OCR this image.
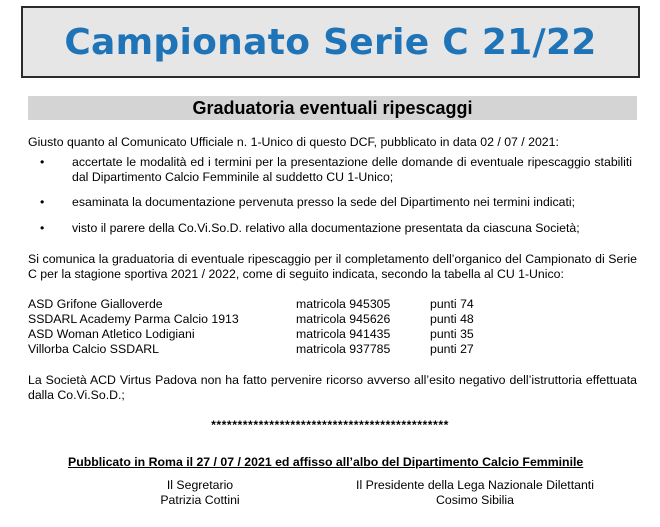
Campionato Serie C 21/22
Graduatoria eventuali ripescaggi
Giusto quanto al Comunicato Ufficiale n. 1-Unico di questo DCF, pubblicato in data 02 / 07 / 2021:
• accertate le modalità ed i termini per la presentazione delle domande di eventuale ripescaggio stabiliti dal Dipartimento Calcio Femminile al suddetto CU 1-Unico;
• esaminata la documentazione pervenuta presso la sede del Dipartimento nei termini indicati;
• visto il parere della Co.Vi.So.D. relativo alla documentazione presentata da ciascuna Società;
Si comunica la graduatoria di eventuale ripescaggio per il completamento dell’organico del Campionato di Serie C per la stagione sportiva 2021 / 2022, come di seguito indicata, secondo la tabella al CU 1-Unico:
ASD Grifone Gialloverde	matricola 945305	punti 74
SSDARL Academy Parma Calcio 1913	matricola 945626	punti 48
ASD Woman Atletico Lodigiani	matricola 941435	punti 35
Villorba Calcio SSDARL	matricola 937785	punti 27
La Società ACD Virtus Padova non ha fatto pervenire ricorso avverso all’esito negativo dell’istruttoria effettuata dalla Co.Vi.So.D.;
*********************************************
Pubblicato in Roma il 27 / 07 / 2021 ed affisso all’albo del Dipartimento Calcio Femminile
Il Segretario
Patrizia Cottini
Il Presidente della Lega Nazionale Dilettanti
Cosimo Sibilia
